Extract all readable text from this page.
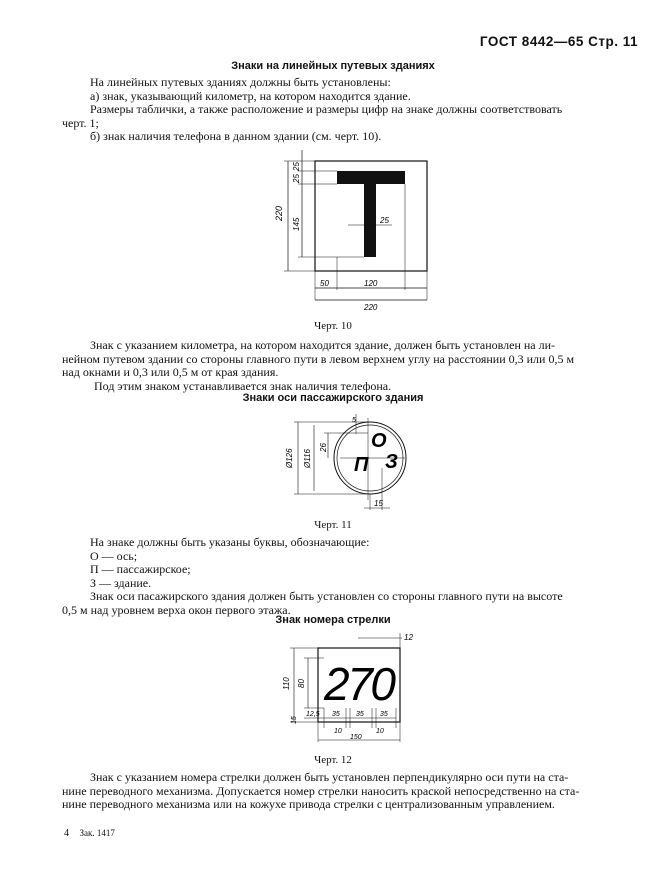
ГОСТ 8442—65 Стр. 11
Знаки на линейных путевых зданиях
На линейных путевых зданиях должны быть установлены:
а) знак, указывающий километр, на котором находится здание.
Размеры таблички, а также расположение и размеры цифр на знаке должны соответствовать
черт. 1;
б) знак наличия телефона в данном здании (см. черт. 10).
220
25
25
145	25
50	120
220
Черт. 10
Знак с указанием километра, на котором находится здание, должен быть установлен на ли-
нейном путевом здании со стороны главного пути в левом верхнем углу на расстоянии 0,3 или 0,5 м
над окнами и 0,3 или 0,5 м от края здания.
Под этим знаком устанавливается знак наличия телефона.
Знаки оси пассажирского здания
О
П З
Ø126 Ø116
26
5
15
Черт. 11
На знаке должны быть указаны буквы, обозначающие:
О — ось;
П — пассажирское;
З — здание.
Знак оси пасажирского здания должен быть установлен со стороны главного пути на высоте
0,5 м над уровнем верха окон первого этажа.
Знак номера стрелки
270
12
110 80
15
12,5 35
10
35 35
10
150
Черт. 12
Знак с указанием номера стрелки должен быть установлен перпендикулярно оси пути на ста-
нине переводного механизма. Допускается номер стрелки наносить краской непосредственно на ста-
нине переводного механизма или на кожухе привода стрелки с централизованным управлением.
4 Зак. 1417
